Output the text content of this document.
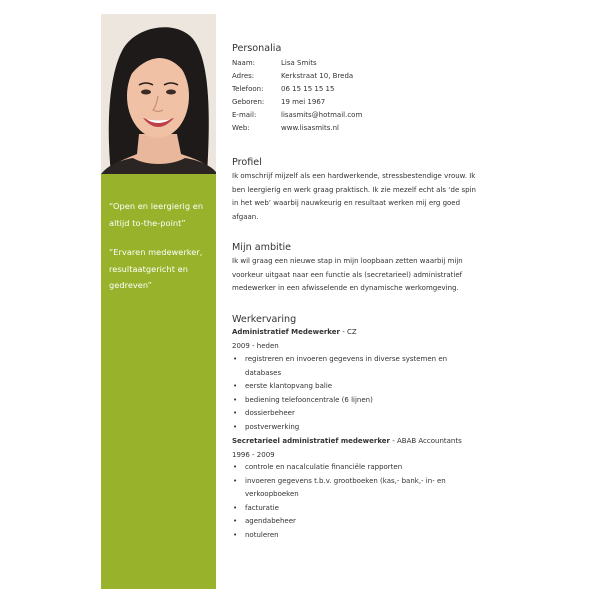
“Open en leergierig en altijd to-the-point”
“Ervaren medewerker, resultaatgericht en gedreven”
Personalia
Naam:	Lisa Smits
Adres:	Kerkstraat 10, Breda
Telefoon:	06 15 15 15 15
Geboren: 19 mei 1967
E-mail:	lisasmits@hotmail.com
Web:	www.lisasmits.nl
Profiel
Ik omschrijf mijzelf als een hardwerkende, stressbestendige vrouw. Ik ben leergierig en werk graag praktisch. Ik zie mezelf echt als ‘de spin in het web’ waarbij nauwkeurig en resultaat werken mij erg goed afgaan.
Mijn ambitie
Ik wil graag een nieuwe stap in mijn loopbaan zetten waarbij mijn voorkeur uitgaat naar een functie als (secretarieel) administratief medewerker in een afwisselende en dynamische werkomgeving.
Werkervaring
Administratief Medewerker - CZ
2009 - heden
• registreren en invoeren gegevens in diverse systemen en databases
• eerste klantopvang balie
• bediening telefooncentrale (6 lijnen)
• dossierbeheer
• postverwerking
Secretarieel administratief medewerker - ABAB Accountants
1996 - 2009
• controle en nacalculatie financiële rapporten
• invoeren gegevens t.b.v. grootboeken (kas,- bank,- in- en verkoopboeken
• facturatie
• agendabeheer
• notuleren
